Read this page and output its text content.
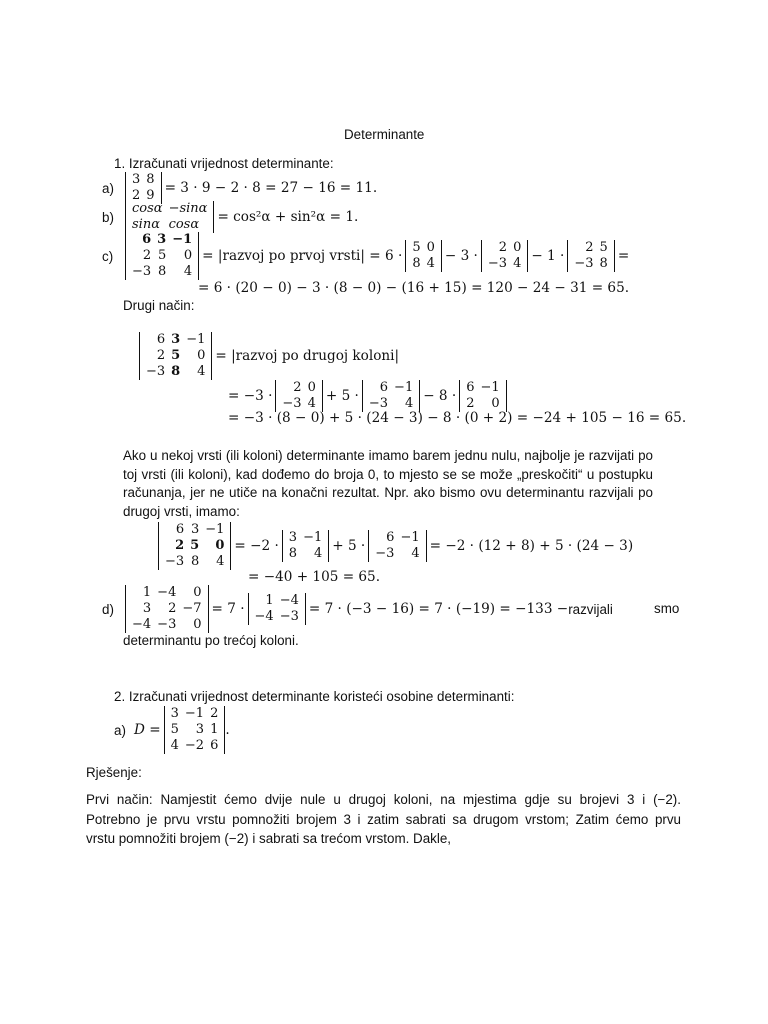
Determinante
1. Izračunati vrijednost determinante:
a)
3 8
2 9 = 3 · 9 − 2 · 8 = 27 − 16 = 11.
b)
cosα −sinα
sinα cosα	= cos²α + sin²α = 1.
c)
6 3 −1
2 5	0
−3 8	4
= |razvoj po prvoj vrsti| = 6 ·
5 0
8 4 − 3 ·
2 0
−3 4 − 1 ·
2 5
−3 8 =
= 6 · (20 − 0) − 3 · (8 − 0) − (16 + 15) = 120 − 24 − 31 = 65.
Drugi način:
6 3 −1
2 5	0
−3 8	4
= |razvoj po drugoj koloni|
= −3 ·
2 0
−3 4 + 5 ·
6 −1
−3	4 − 8 ·
6 −1
2	0
= −3 · (8 − 0) + 5 · (24 − 3) − 8 · (0 + 2) = −24 + 105 − 16 = 65.
Ako u nekoj vrsti (ili koloni) determinante imamo barem jednu nulu, najbolje je razvijati po
toj vrsti (ili koloni), kad dođemo do broja 0, to mjesto se se može „preskočiti“ u postupku
računanja, jer ne utiče na konačni rezultat. Npr. ako bismo ovu determinantu razvijali po
drugoj vrsti, imamo:
6 3 −1
2 5	0
−3 8	4
= −2 ·
3 −1
8	4 + 5 ·
6 −1
−3	4 = −2 · (12 + 8) + 5 · (24 − 3)
= −40 + 105 = 65.
d)
1 −4	0
3	2 −7
−4 −3	0
= 7 ·
1 −4
−4 −3 = 7 · (−3 − 16) = 7 · (−19) = −133 − razvijali	smo
determinantu po trećoj koloni.
2. Izračunati vrijednost determinante koristeći osobine determinanti:
a) D =
3 −1 2
5	3 1
4 −2 6
.
Rješenje:
Prvi način: Namjestit ćemo dvije nule u drugoj koloni, na mjestima gdje su brojevi 3 i (−2).
Potrebno je prvu vrstu pomnožiti brojem 3 i zatim sabrati sa drugom vrstom; Zatim ćemo prvu
vrstu pomnožiti brojem (−2) i sabrati sa trećom vrstom. Dakle,
